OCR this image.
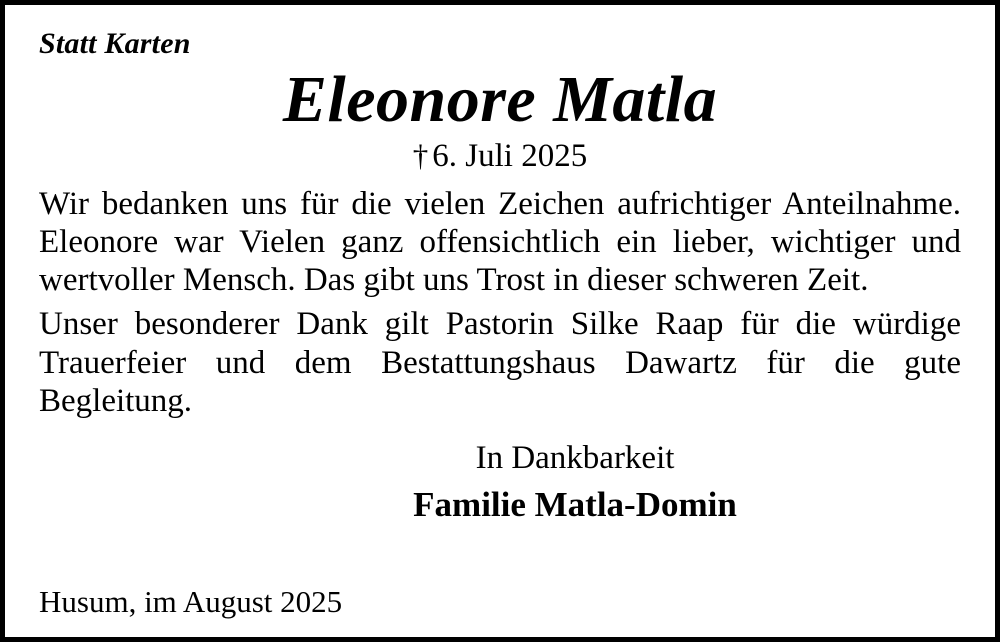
Statt Karten
Eleonore Matla
† 6. Juli 2025
Wir bedanken uns für die vielen Zeichen aufrichtiger Anteilnahme. Eleonore war Vielen ganz offensichtlich ein lieber, wichtiger und wertvoller Mensch. Das gibt uns Trost in dieser schweren Zeit.
Unser besonderer Dank gilt Pastorin Silke Raap für die würdige Trauerfeier und dem Bestattungshaus Dawartz für die gute Begleitung.
In Dankbarkeit
Familie Matla-Domin
Husum, im August 2025
